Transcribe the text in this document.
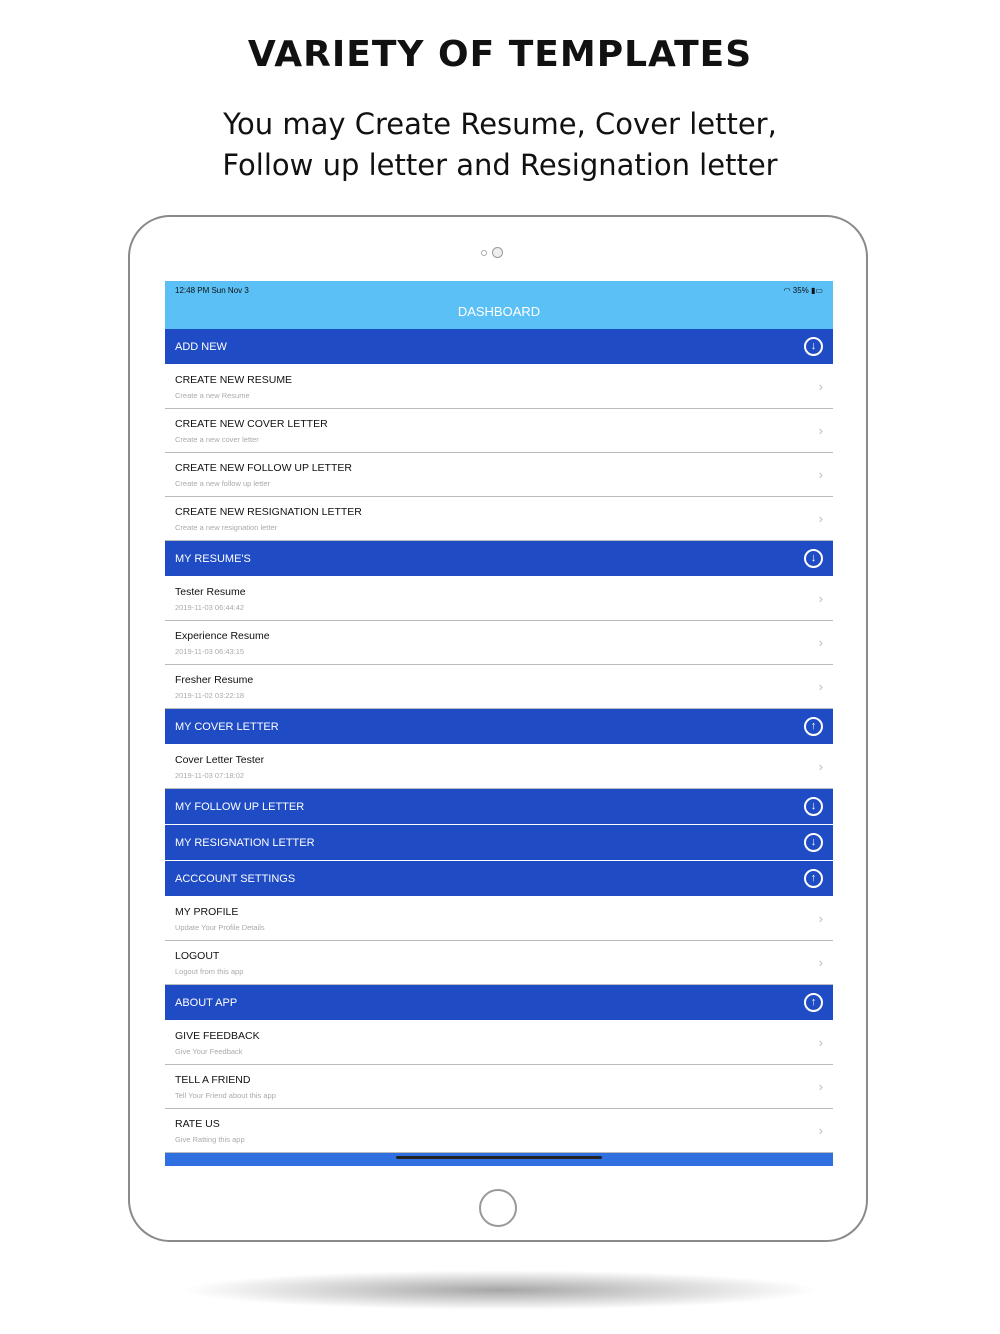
VARIETY OF TEMPLATES
You may Create Resume, Cover letter,
Follow up letter and Resignation letter
12:48 PM Sun Nov 3	◠ 35% ▮▭
DASHBOARD
ADD NEW	↓
CREATE NEW RESUME
Create a new Resume
›
CREATE NEW COVER LETTER
Create a new cover letter
›
CREATE NEW FOLLOW UP LETTER
Create a new follow up letter
›
CREATE NEW RESIGNATION LETTER
Create a new resignation letter
›
MY RESUME'S	↓
Tester Resume
2019-11-03 06:44:42
›
Experience Resume
2019-11-03 06:43:15
›
Fresher Resume
2019-11-02 03:22:18
›
MY COVER LETTER	↑
Cover Letter Tester
2019-11-03 07:18:02
›
MY FOLLOW UP LETTER	↓
MY RESIGNATION LETTER	↓
ACCCOUNT SETTINGS	↑
MY PROFILE
Update Your Profile Details
›
LOGOUT
Logout from this app
›
ABOUT APP	↑
GIVE FEEDBACK
Give Your Feedback
›
TELL A FRIEND
Tell Your Friend about this app
›
RATE US
Give Ratting this app
›
